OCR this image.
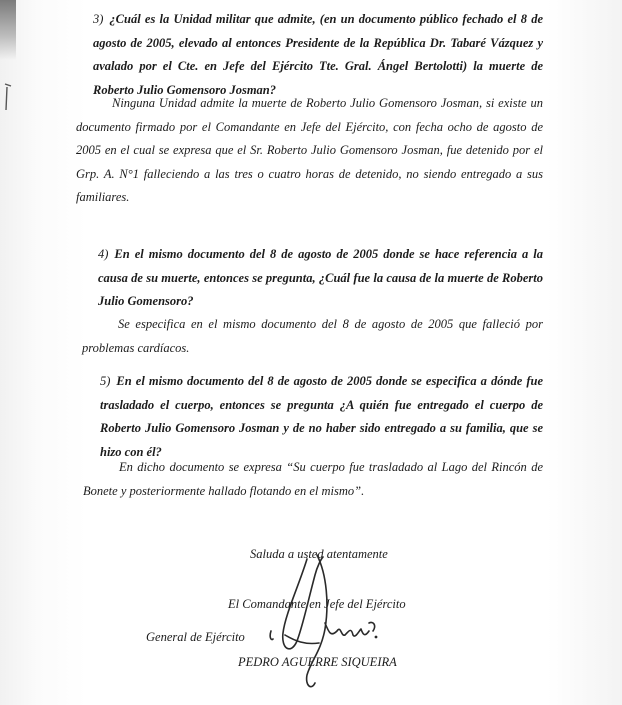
3) ¿Cuál es la Unidad militar que admite, (en un documento público fechado el 8 de agosto de 2005, elevado al entonces Presidente de la República Dr. Tabaré Vázquez y avalado por el Cte. en Jefe del Ejército Tte. Gral. Ángel Bertolotti) la muerte de Roberto Julio Gomensoro Josman?
Ninguna Unidad admite la muerte de Roberto Julio Gomensoro Josman, si existe un documento firmado por el Comandante en Jefe del Ejército, con fecha ocho de agosto de 2005 en el cual se expresa que el Sr. Roberto Julio Gomensoro Josman, fue detenido por el Grp. A. N°1 falleciendo a las tres o cuatro horas de detenido, no siendo entregado a sus familiares.
4) En el mismo documento del 8 de agosto de 2005 donde se hace referencia a la causa de su muerte, entonces se pregunta, ¿Cuál fue la causa de la muerte de Roberto Julio Gomensoro?
Se especifica en el mismo documento del 8 de agosto de 2005 que falleció por problemas cardíacos.
5) En el mismo documento del 8 de agosto de 2005 donde se especifica a dónde fue trasladado el cuerpo, entonces se pregunta ¿A quién fue entregado el cuerpo de Roberto Julio Gomensoro Josman y de no haber sido entregado a su familia, que se hizo con él?
En dicho documento se expresa “Su cuerpo fue trasladado al Lago del Rincón de Bonete y posteriormente hallado flotando en el mismo”.
Saluda a usted atentamente
El Comandante en Jefe del Ejército
General de Ejército
PEDRO AGUERRE SIQUEIRA
